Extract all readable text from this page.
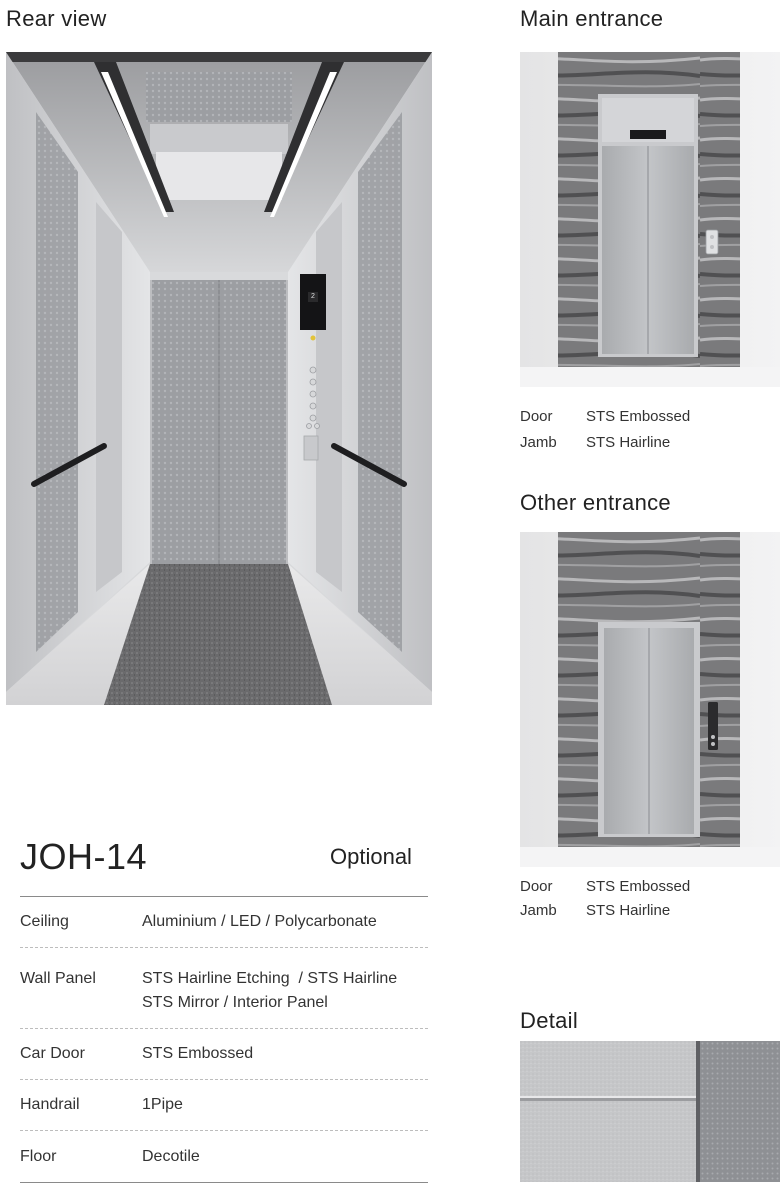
Rear view	Main entrance
Other entrance
Detail
2
Door STS Embossed
Jamb STS Hairline
Door STS Embossed
Jamb STS Hairline
JOH-14	Optional
Ceiling	Aluminium / LED / Polycarbonate
Wall Panel	STS Hairline Etching  / STS Hairline
STS Mirror / Interior Panel
Car Door	STS Embossed
Handrail	1Pipe
Floor	Decotile
